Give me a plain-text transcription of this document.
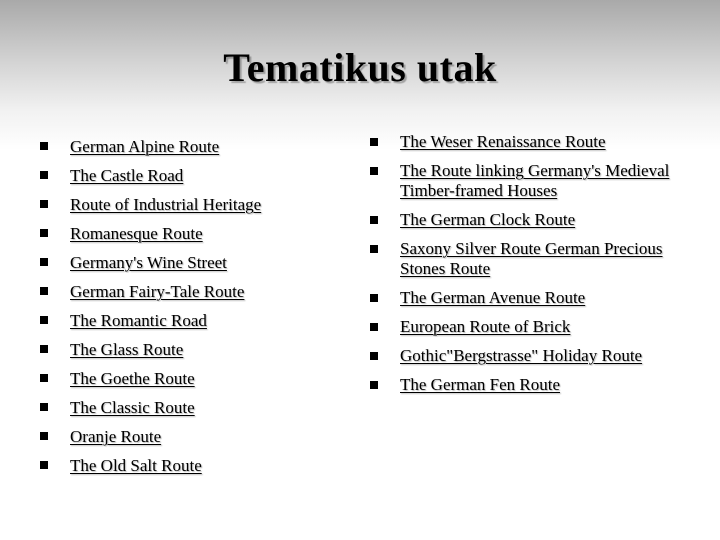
Tematikus utak
German Alpine Route
The Castle Road
Route of Industrial Heritage
Romanesque Route
Germany's Wine Street
German Fairy-Tale Route
The Romantic Road
The Glass Route
The Goethe Route
The Classic Route
Oranje Route
The Old Salt Route
The Weser Renaissance Route
The Route linking Germany's Medieval Timber-framed Houses
The German Clock Route
Saxony Silver Route German Precious Stones Route
The German Avenue Route
European Route of Brick
Gothic"Bergstrasse" Holiday Route
The German Fen Route
